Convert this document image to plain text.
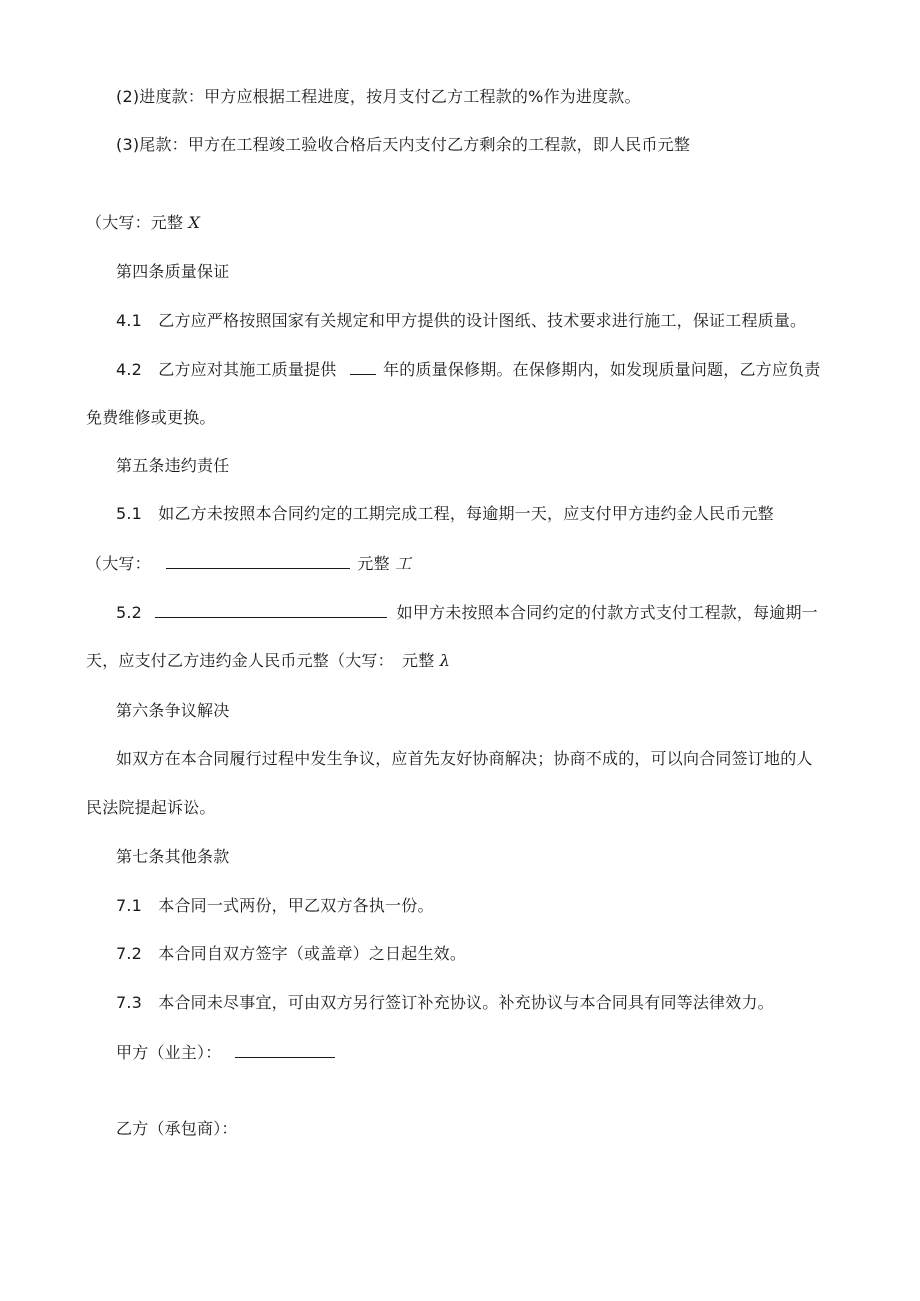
(2)进度款：甲方应根据工程进度，按月支付乙方工程款的%作为进度款。
(3)尾款：甲方在工程竣工验收合格后天内支付乙方剩余的工程款，即人民币元整
（大写：元整 X
第四条质量保证
4.1　乙方应严格按照国家有关规定和甲方提供的设计图纸、技术要求进行施工，保证工程质量。
4.2　乙方应对其施工质量提供	年的质量保修期。在保修期内，如发现质量问题，乙方应负责
免费维修或更换。
第五条违约责任
5.1　如乙方未按照本合同约定的工期完成工程，每逾期一天，应支付甲方违约金人民币元整
（大写：	元整 工
5.2	如甲方未按照本合同约定的付款方式支付工程款，每逾期一
天，应支付乙方违约金人民币元整（大写：　元整 λ
第六条争议解决
如双方在本合同履行过程中发生争议，应首先友好协商解决；协商不成的，可以向合同签订地的人
民法院提起诉讼。
第七条其他条款
7.1　本合同一式两份，甲乙双方各执一份。
7.2　本合同自双方签字（或盖章）之日起生效。
7.3　本合同未尽事宜，可由双方另行签订补充协议。补充协议与本合同具有同等法律效力。
甲方（业主）：
乙方（承包商）：
